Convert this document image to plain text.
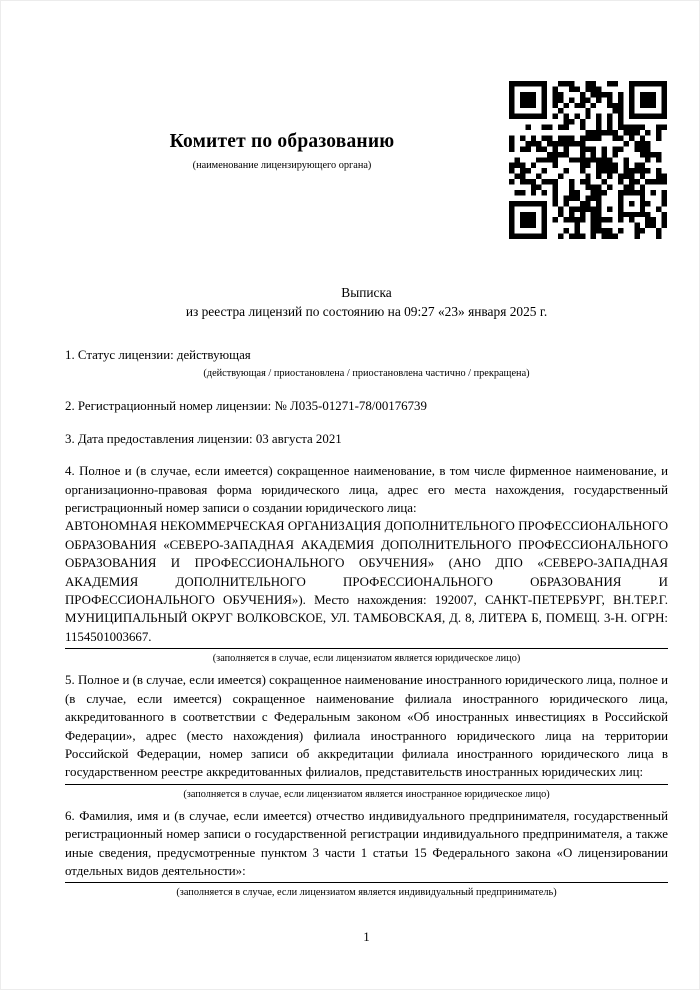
Комитет по образованию
(наименование лицензирующего органа)
Выписка
из реестра лицензий по состоянию на 09:27 «23» января 2025 г.

1. Статус лицензии: действующая

(действующая / приостановлена / приостановлена частично / прекращена)

2. Регистрационный номер лицензии: № Л035-01271-78/00176739

3. Дата предоставления лицензии: 03 августа 2021

4. Полное и (в случае, если имеется) сокращенное наименование, в том числе фирменное наименование, и организационно-правовая форма юридического лица, адрес его места нахождения, государственный регистрационный номер записи о создании юридического лица:
АВТОНОМНАЯ НЕКОММЕРЧЕСКАЯ ОРГАНИЗАЦИЯ ДОПОЛНИТЕЛЬНОГО ПРОФЕССИОНАЛЬНОГО ОБРАЗОВАНИЯ «СЕВЕРО-ЗАПАДНАЯ АКАДЕМИЯ ДОПОЛНИТЕЛЬНОГО ПРОФЕССИОНАЛЬНОГО ОБРАЗОВАНИЯ И ПРОФЕССИОНАЛЬНОГО ОБУЧЕНИЯ» (АНО ДПО «СЕВЕРО-ЗАПАДНАЯ АКАДЕМИЯ ДОПОЛНИТЕЛЬНОГО ПРОФЕССИОНАЛЬНОГО ОБРАЗОВАНИЯ И ПРОФЕССИОНАЛЬНОГО ОБУЧЕНИЯ»). Место нахождения: 192007, САНКТ-ПЕТЕРБУРГ, ВН.ТЕР.Г. МУНИЦИПАЛЬНЫЙ ОКРУГ ВОЛКОВСКОЕ, УЛ. ТАМБОВСКАЯ, Д. 8, ЛИТЕРА Б, ПОМЕЩ. 3-Н. ОГРН: 1154501003667.

(заполняется в случае, если лицензиатом является юридическое лицо)

5. Полное и (в случае, если имеется) сокращенное наименование иностранного юридического лица, полное и (в случае, если имеется) сокращенное наименование филиала иностранного юридического лица, аккредитованного в соответствии с Федеральным законом «Об иностранных инвестициях в Российской Федерации», адрес (место нахождения) филиала иностранного юридического лица на территории Российской Федерации, номер записи об аккредитации филиала иностранного юридического лица в государственном реестре аккредитованных филиалов, представительств иностранных юридических лиц:

(заполняется в случае, если лицензиатом является иностранное юридическое лицо)

6. Фамилия, имя и (в случае, если имеется) отчество индивидуального предпринимателя, государственный регистрационный номер записи о государственной регистрации индивидуального предпринимателя, а также иные сведения, предусмотренные пунктом 3 части 1 статьи 15 Федерального закона «О лицензировании отдельных видов деятельности»:

(заполняется в случае, если лицензиатом является индивидуальный предприниматель)
1
